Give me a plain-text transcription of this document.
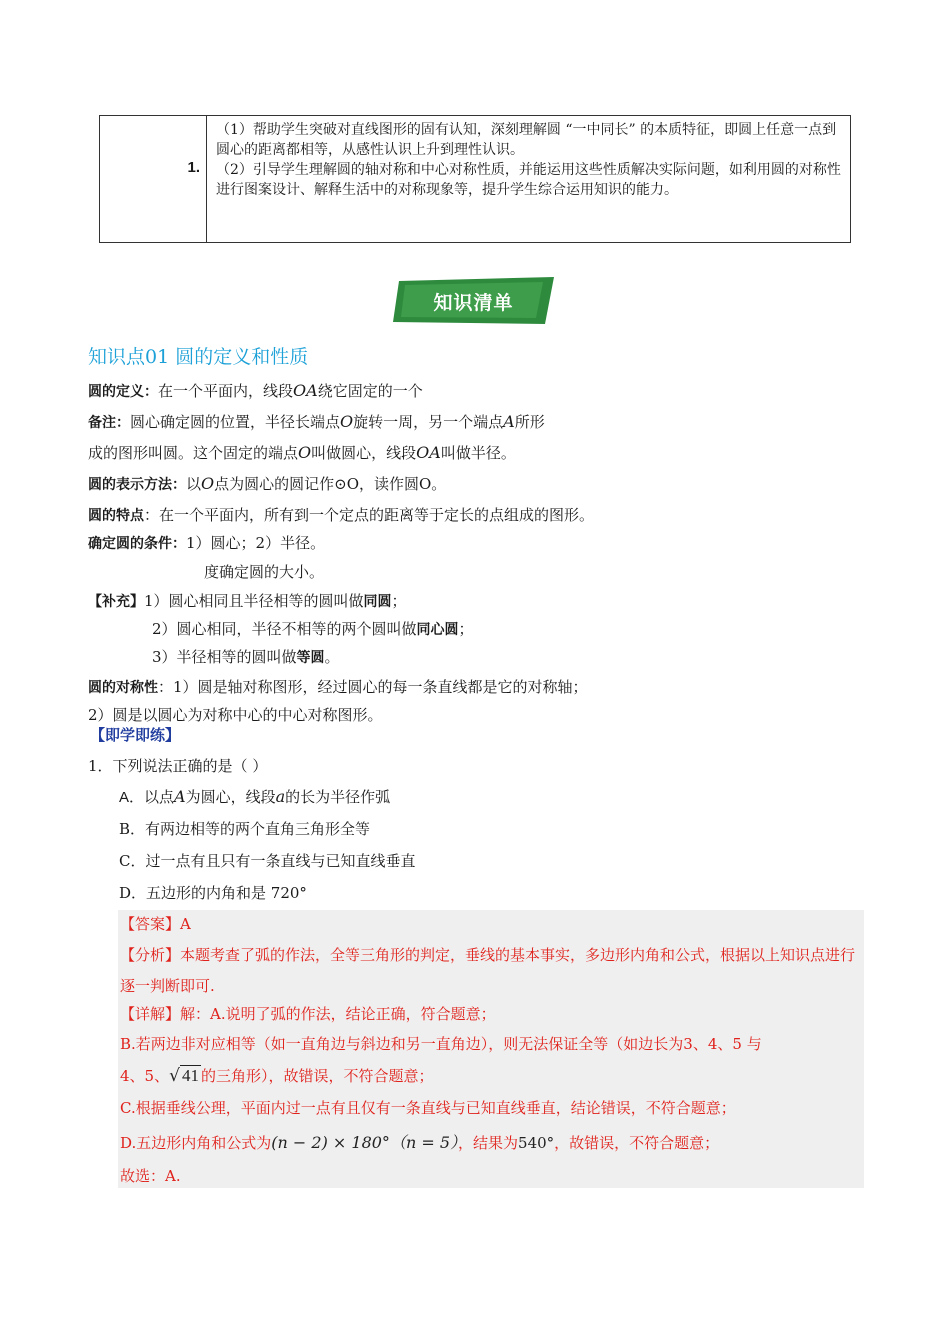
1.

（1）帮助学生突破对直线图形的固有认知，深刻理解圆 “一中同长” 的本质特征，即圆上任意一点到圆心的距离都相等，从感性认识上升到理性认识。

（2）引导学生理解圆的轴对称和中心对称性质，并能运用这些性质解决实际问题，如利用圆的对称性进行图案设计、解释生活中的对称现象等，提升学生综合运用知识的能力。

知识清单
知识点01 圆的定义和性质
圆的定义：在一个平面内，线段OA绕它固定的一个
备注：圆心确定圆的位置，半径长端点O旋转一周，另一个端点A所形
成的图形叫圆。这个固定的端点O叫做圆心，线段OA叫做半径。
圆的表示方法：以O点为圆心的圆记作⊙O，读作圆O。
圆的特点：在一个平面内，所有到一个定点的距离等于定长的点组成的图形。
确定圆的条件：1）圆心；2）半径。
度确定圆的大小。
【补充】1）圆心相同且半径相等的圆叫做同圆；
2）圆心相同，半径不相等的两个圆叫做同心圆；
3）半径相等的圆叫做等圆。
圆的对称性：1）圆是轴对称图形，经过圆心的每一条直线都是它的对称轴；
2）圆是以圆心为对称中心的中心对称图形。
【即学即练】
1．下列说法正确的是（ ）
A．以点A为圆心，线段a的长为半径作弧
B．有两边相等的两个直角三角形全等
C．过一点有且只有一条直线与已知直线垂直
D．五边形的内角和是 720°
【答案】A
【分析】本题考查了弧的作法，全等三角形的判定，垂线的基本事实，多边形内角和公式，根据以上知识点进行逐一判断即可.
【详解】解：A.说明了弧的作法，结论正确，符合题意；
B.若两边非对应相等（如一直角边与斜边和另一直角边），则无法保证全等（如边长为3、4、5 与
4、5、√ 41 的三角形），故错误，不符合题意；
C.根据垂线公理，平面内过一点有且仅有一条直线与已知直线垂直，结论错误，不符合题意；
D.五边形内角和公式为(n − 2) × 180°（n = 5），结果为540°，故错误，不符合题意；
故选：A.
